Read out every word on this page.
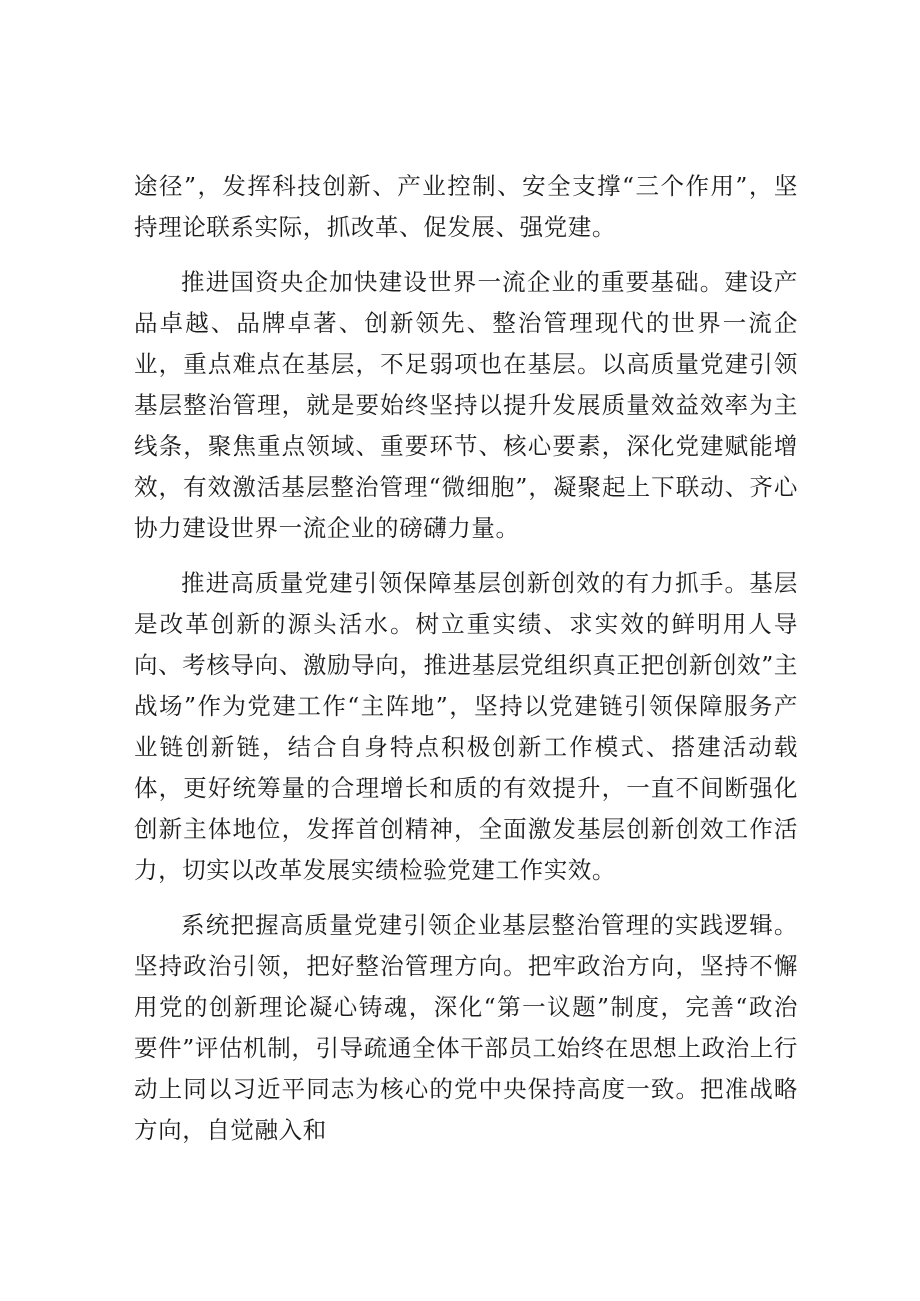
途径”，发挥科技创新、产业控制、安全支撑“三个作用”，坚持理论联系实际，抓改革、促发展、强党建。

推进国资央企加快建设世界一流企业的重要基础。建设产品卓越、品牌卓著、创新领先、整治管理现代的世界一流企业，重点难点在基层，不足弱项也在基层。以高质量党建引领基层整治管理，就是要始终坚持以提升发展质量效益效率为主线条，聚焦重点领域、重要环节、核心要素，深化党建赋能增效，有效激活基层整治管理“微细胞”，凝聚起上下联动、齐心协力建设世界一流企业的磅礴力量。

推进高质量党建引领保障基层创新创效的有力抓手。基层是改革创新的源头活水。树立重实绩、求实效的鲜明用人导向、考核导向、激励导向，推进基层党组织真正把创新创效”主战场”作为党建工作“主阵地”，坚持以党建链引领保障服务产业链创新链，结合自身特点积极创新工作模式、搭建活动载体，更好统筹量的合理增长和质的有效提升，一直不间断强化创新主体地位，发挥首创精神，全面激发基层创新创效工作活力，切实以改革发展实绩检验党建工作实效。

系统把握高质量党建引领企业基层整治管理的实践逻辑。坚持政治引领，把好整治管理方向。把牢政治方向，坚持不懈用党的创新理论凝心铸魂，深化“第一议题”制度，完善“政治要件”评估机制，引导疏通全体干部员工始终在思想上政治上行动上同以习近平同志为核心的党中央保持高度一致。把准战略方向，自觉融入和
